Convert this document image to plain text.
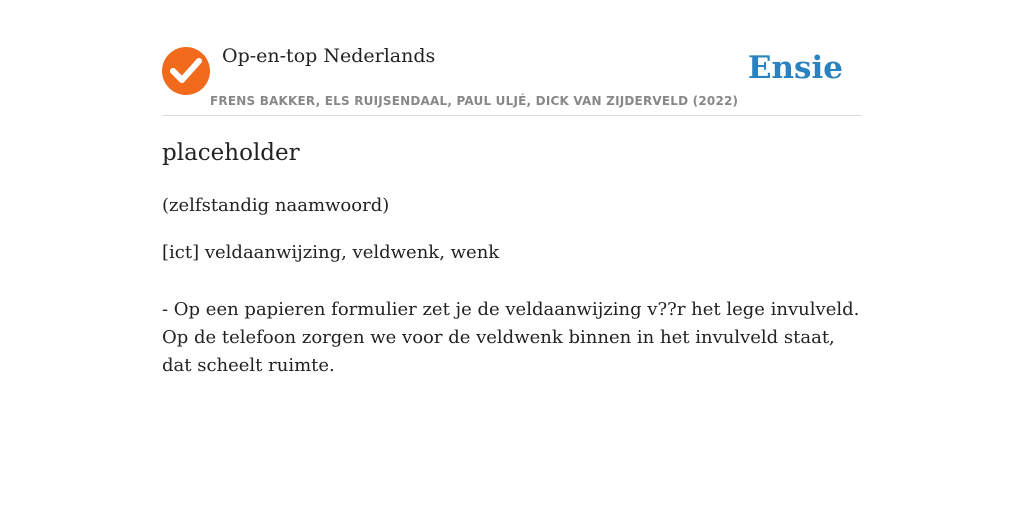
Op-en-top Nederlands
FRENS BAKKER, ELS RUIJSENDAAL, PAUL ULJÉ, DICK VAN ZIJDERVELD (2022)
Ensie
placeholder
(zelfstandig naamwoord)
[ict] veldaanwijzing, veldwenk, wenk
- Op een papieren formulier zet je de veldaanwijzing v??r het lege invulveld. Op de telefoon zorgen we voor de veldwenk binnen in het invulveld staat, dat scheelt ruimte.
